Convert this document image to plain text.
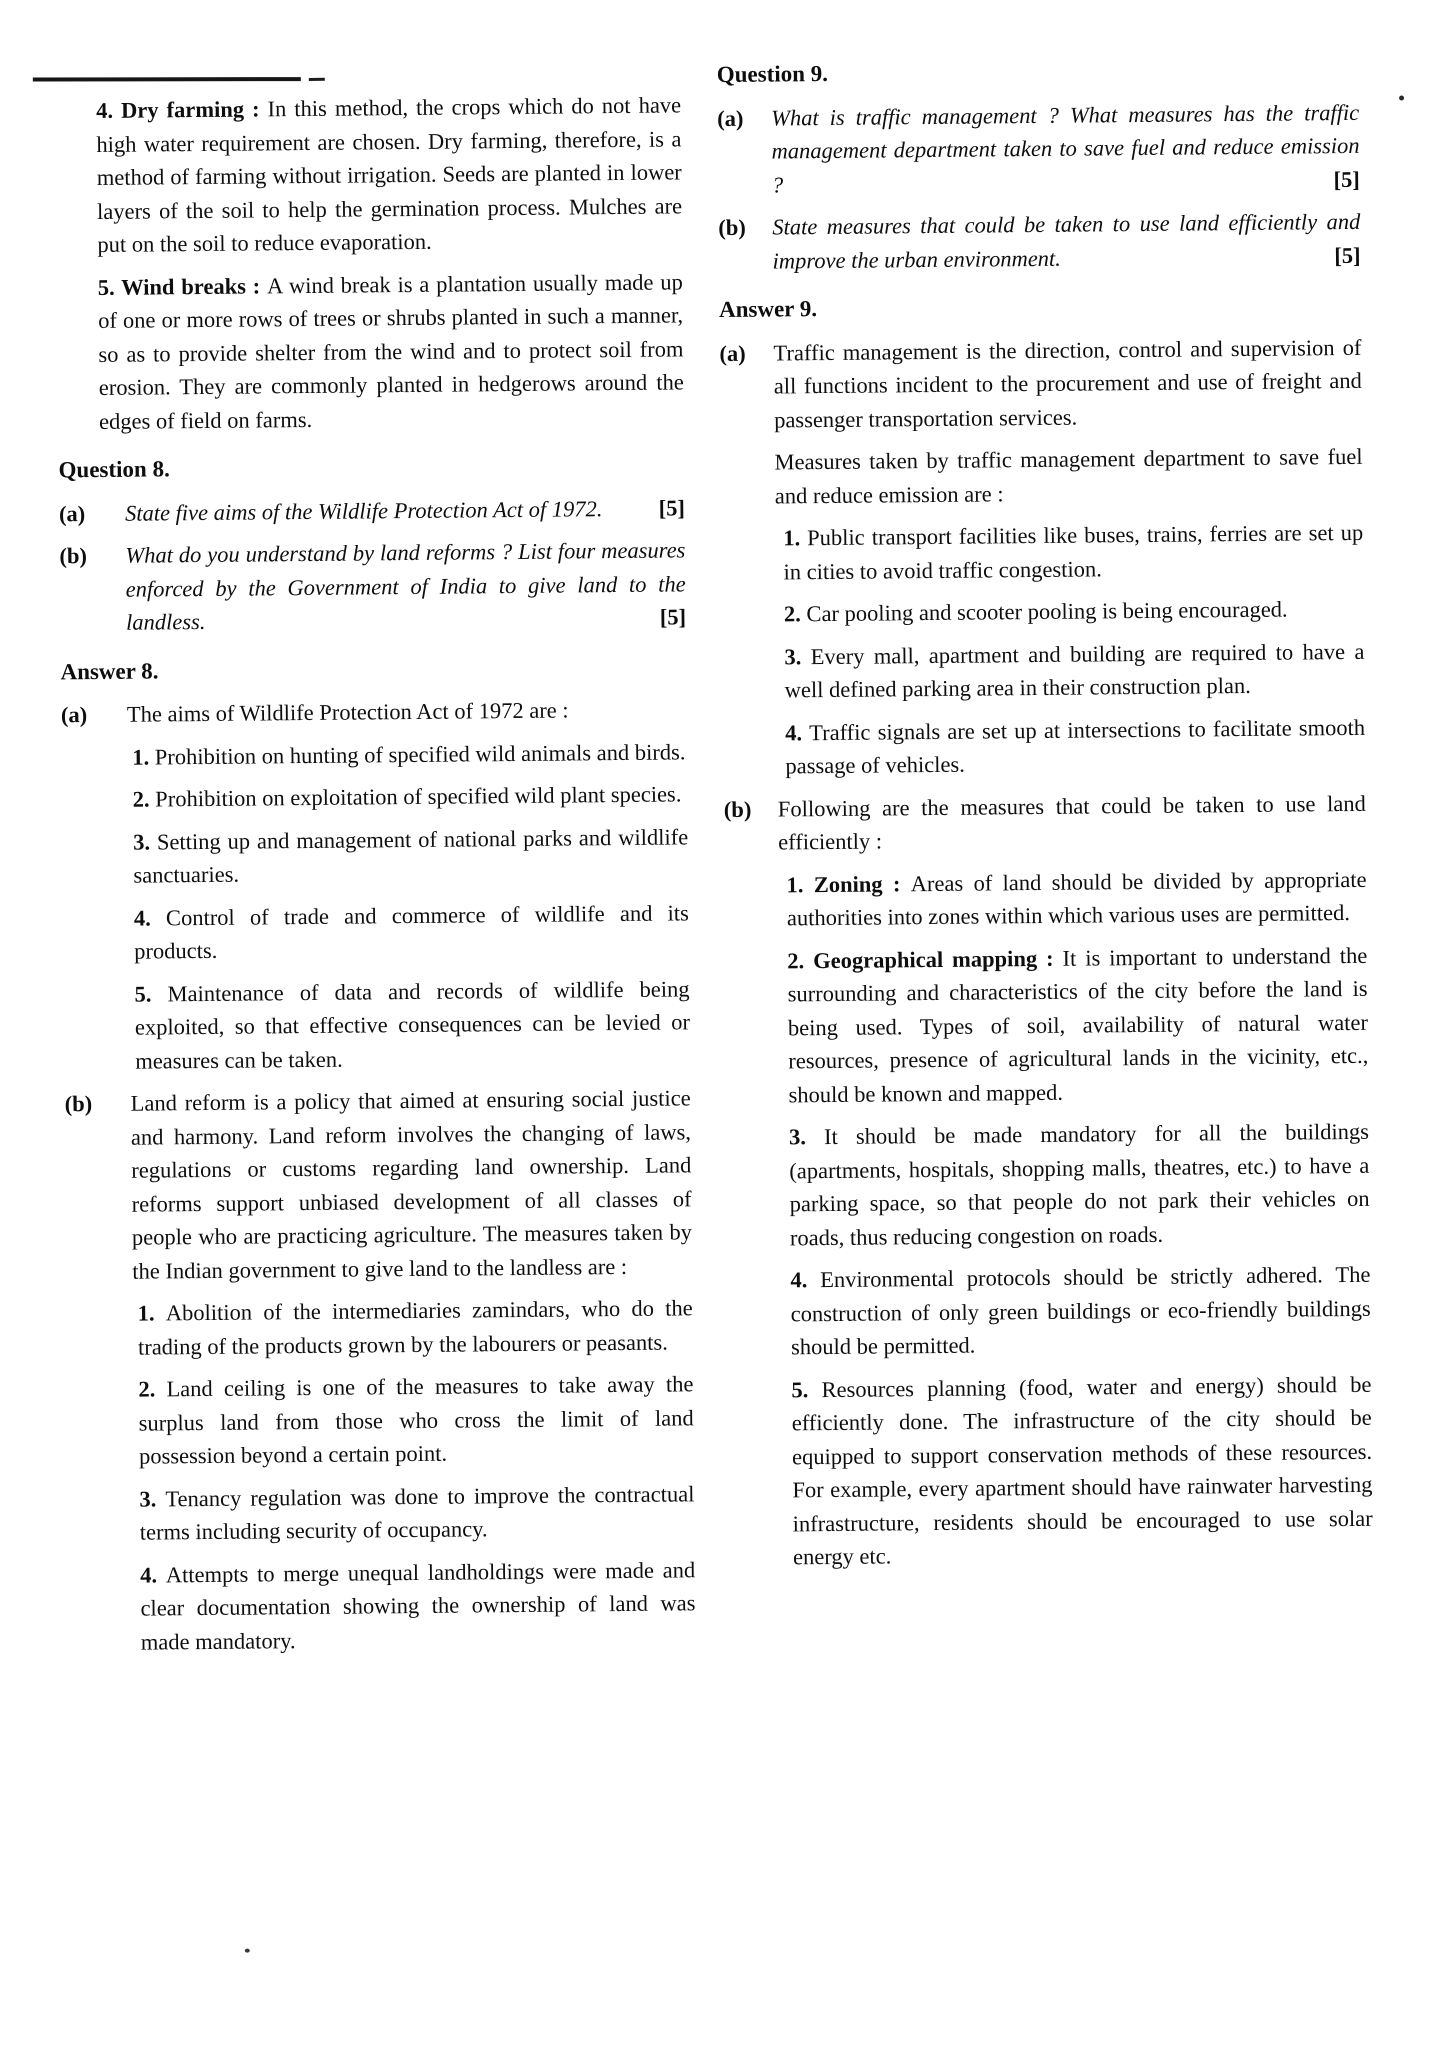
4. Dry farming : In this method, the crops which do not have high water requirement are chosen. Dry farming, therefore, is a method of farming without irrigation. Seeds are planted in lower layers of the soil to help the germination process. Mulches are put on the soil to reduce evaporation.
5. Wind breaks : A wind break is a plantation usually made up of one or more rows of trees or shrubs planted in such a manner, so as to provide shelter from the wind and to protect soil from erosion. They are commonly planted in hedgerows around the edges of field on farms.
Question 8.
(a)	State five aims of the Wildlife Protection Act of 1972. [5]
(b)	What do you understand by land reforms ? List four measures enforced by the Government of India to give land to the landless.	[5]
Answer 8.
(a)	The aims of Wildlife Protection Act of 1972 are :
1. Prohibition on hunting of specified wild animals and birds.
2. Prohibition on exploitation of specified wild plant species.
3. Setting up and management of national parks and wildlife sanctuaries.
4. Control of trade and commerce of wildlife and its products.
5. Maintenance of data and records of wildlife being exploited, so that effective consequences can be levied or measures can be taken.
(b)	Land reform is a policy that aimed at ensuring social justice and harmony. Land reform involves the changing of laws, regulations or customs regarding land ownership. Land reforms support unbiased development of all classes of people who are practicing agriculture. The measures taken by the Indian government to give land to the landless are :
1. Abolition of the intermediaries zamindars, who do the trading of the products grown by the labourers or peasants.
2. Land ceiling is one of the measures to take away the surplus land from those who cross the limit of land possession beyond a certain point.
3. Tenancy regulation was done to improve the contractual terms including security of occupancy.
4. Attempts to merge unequal landholdings were made and clear documentation showing the ownership of land was made mandatory.
Question 9.
(a)	What is traffic management ? What measures has the traffic management department taken to save fuel and reduce emission ?	[5]
(b)	State measures that could be taken to use land efficiently and improve the urban environment.	[5]
Answer 9.
(a)	Traffic management is the direction, control and supervision of all functions incident to the procurement and use of freight and passenger transportation services.
Measures taken by traffic management department to save fuel and reduce emission are :
1. Public transport facilities like buses, trains, ferries are set up in cities to avoid traffic congestion.
2. Car pooling and scooter pooling is being encouraged.
3. Every mall, apartment and building are required to have a well defined parking area in their construction plan.
4. Traffic signals are set up at intersections to facilitate smooth passage of vehicles.
(b)	Following are the measures that could be taken to use land efficiently :
1. Zoning : Areas of land should be divided by appropriate authorities into zones within which various uses are permitted.
2. Geographical mapping : It is important to understand the surrounding and characteristics of the city before the land is being used. Types of soil, availability of natural water resources, presence of agricultural lands in the vicinity, etc., should be known and mapped.
3. It should be made mandatory for all the buildings (apartments, hospitals, shopping malls, theatres, etc.) to have a parking space, so that people do not park their vehicles on roads, thus reducing congestion on roads.
4. Environmental protocols should be strictly adhered. The construction of only green buildings or eco-friendly buildings should be permitted.
5. Resources planning (food, water and energy) should be efficiently done. The infrastructure of the city should be equipped to support conservation methods of these resources. For example, every apartment should have rainwater harvesting infrastructure, residents should be encouraged to use solar energy etc.
